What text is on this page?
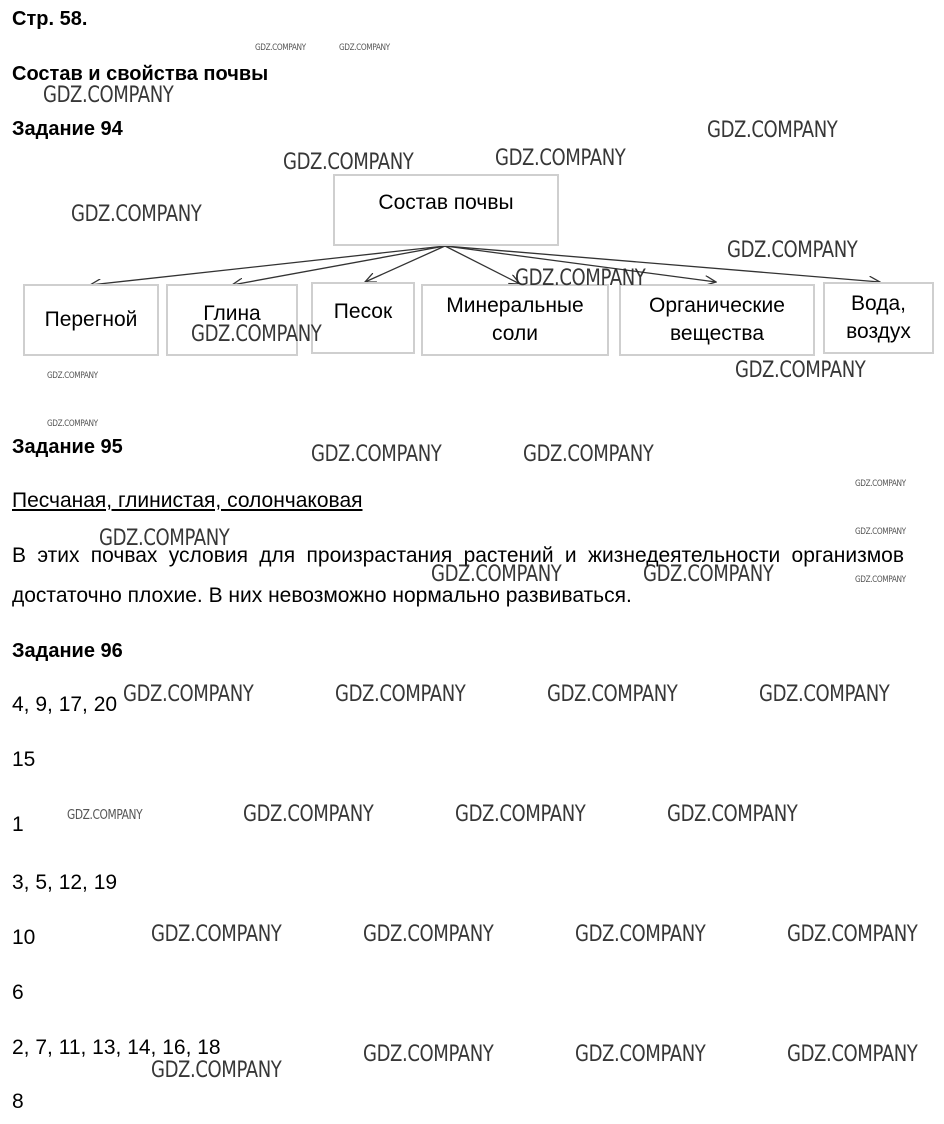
Стр. 58.
Состав и свойства почвы
Задание 94
Состав почвы
Перегной	Глина	Песок	Минеральные
соли
Органические
вещества
Вода,
воздух
Задание 95
Песчаная, глинистая, солончаковая
В этих почвах условия для произрастания растений и жизнедеятельности организмов достаточно плохие. В них невозможно нормально развиваться.
Задание 96
4, 9, 17, 20
15
1
3, 5, 12, 19
10
6
2, 7, 11, 13, 14, 16, 18
8
GDZ.COMPANY	GDZ.COMPANY
GDZ.COMPANY
GDZ.COMPANY
GDZ.COMPANY	GDZ.COMPANY
GDZ.COMPANY
GDZ.COMPANY
GDZ.COMPANY
GDZ.COMPANY
GDZ.COMPANY
GDZ.COMPANY
GDZ.COMPANY
GDZ.COMPANY	GDZ.COMPANY
GDZ.COMPANY
GDZ.COMPANY	GDZ.COMPANY
GDZ.COMPANY	GDZ.COMPANY	GDZ.COMPANY
GDZ.COMPANY	GDZ.COMPANY	GDZ.COMPANY	GDZ.COMPANY
GDZ.COMPANY	GDZ.COMPANY	GDZ.COMPANY	GDZ.COMPANY
GDZ.COMPANY	GDZ.COMPANY	GDZ.COMPANY	GDZ.COMPANY
GDZ.COMPANY	GDZ.COMPANY	GDZ.COMPANY
GDZ.COMPANY
